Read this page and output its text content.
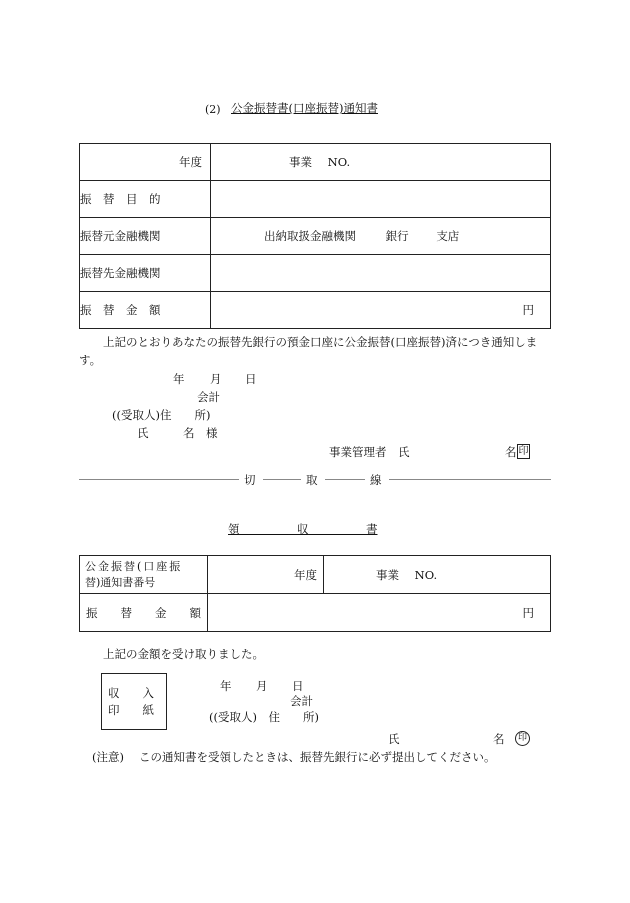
(2) 公金振替書(口座振替)通知書
年度	事業 NO.
振　替　目　的	
振替元金融機関	出納取扱金融機関 銀行 支店
振替先金融機関	
振　替　金　額	円
上記のとおりあなたの振替先銀行の預金口座に公金振替(口座振替)済につき通知しま
す。
年 月 日
会計
((受取人)住　　所)
氏　　　名　様
事業管理者　氏	名 印
切	取	線
領　　　　　収　　　　　書
公金振替(口座振
替)通知書番号	年度	事業 NO.
振　　替　　金　　額	円	
上記の金額を受け取りました。
収　　入
印　　紙
年 月 日
会計
((受取人)　住　　所)
氏	名	印
(注意) この通知書を受領したときは、振替先銀行に必ず提出してください。
